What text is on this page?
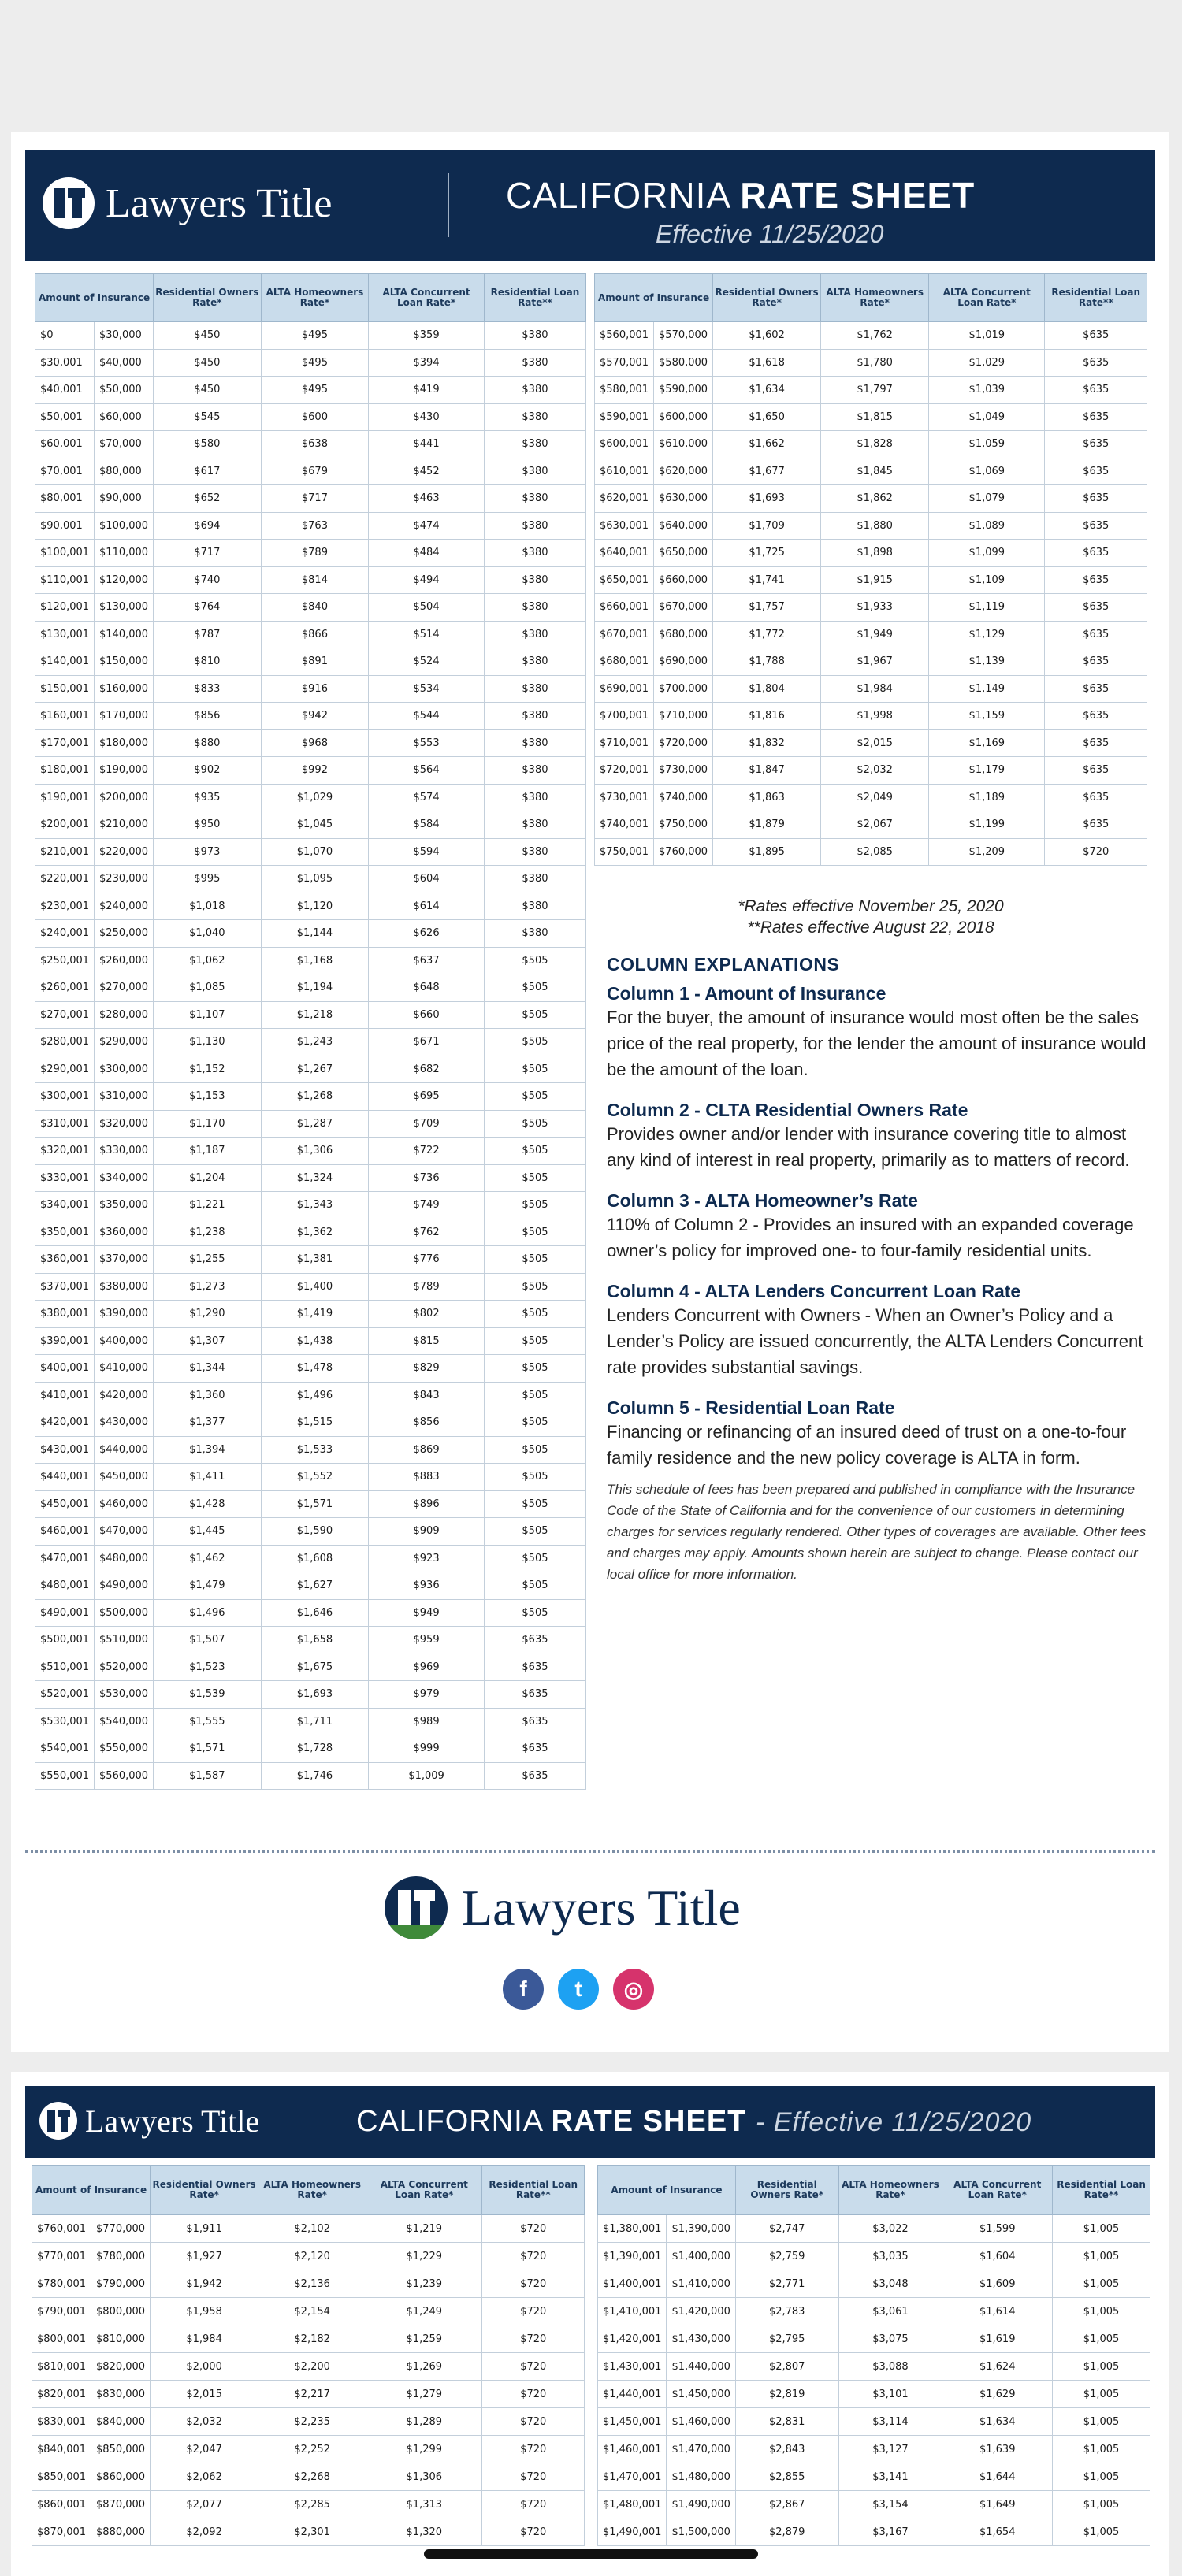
Lawyers Title	CALIFORNIA RATE SHEET
Effective 11/25/2020
Amount of Insurance		Residential Owners Rate*	ALTA Homeowners Rate*	ALTA Concurrent Loan Rate*	Residential Loan Rate**
$0	$30,000	$450	$495	$359	$380
$30,001	$40,000	$450	$495	$394	$380
$40,001	$50,000	$450	$495	$419	$380
$50,001	$60,000	$545	$600	$430	$380
$60,001	$70,000	$580	$638	$441	$380
$70,001	$80,000	$617	$679	$452	$380
$80,001	$90,000	$652	$717	$463	$380
$90,001	$100,000	$694	$763	$474	$380
$100,001	$110,000	$717	$789	$484	$380
$110,001	$120,000	$740	$814	$494	$380
$120,001	$130,000	$764	$840	$504	$380
$130,001	$140,000	$787	$866	$514	$380
$140,001	$150,000	$810	$891	$524	$380
$150,001	$160,000	$833	$916	$534	$380
$160,001	$170,000	$856	$942	$544	$380
$170,001	$180,000	$880	$968	$553	$380
$180,001	$190,000	$902	$992	$564	$380
$190,001	$200,000	$935	$1,029	$574	$380
$200,001	$210,000	$950	$1,045	$584	$380
$210,001	$220,000	$973	$1,070	$594	$380
$220,001	$230,000	$995	$1,095	$604	$380
$230,001	$240,000	$1,018	$1,120	$614	$380
$240,001	$250,000	$1,040	$1,144	$626	$380
$250,001	$260,000	$1,062	$1,168	$637	$505
$260,001	$270,000	$1,085	$1,194	$648	$505
$270,001	$280,000	$1,107	$1,218	$660	$505
$280,001	$290,000	$1,130	$1,243	$671	$505
$290,001	$300,000	$1,152	$1,267	$682	$505
$300,001	$310,000	$1,153	$1,268	$695	$505
$310,001	$320,000	$1,170	$1,287	$709	$505
$320,001	$330,000	$1,187	$1,306	$722	$505
$330,001	$340,000	$1,204	$1,324	$736	$505
$340,001	$350,000	$1,221	$1,343	$749	$505
$350,001	$360,000	$1,238	$1,362	$762	$505
$360,001	$370,000	$1,255	$1,381	$776	$505
$370,001	$380,000	$1,273	$1,400	$789	$505
$380,001	$390,000	$1,290	$1,419	$802	$505
$390,001	$400,000	$1,307	$1,438	$815	$505
$400,001	$410,000	$1,344	$1,478	$829	$505
$410,001	$420,000	$1,360	$1,496	$843	$505
$420,001	$430,000	$1,377	$1,515	$856	$505
$430,001	$440,000	$1,394	$1,533	$869	$505
$440,001	$450,000	$1,411	$1,552	$883	$505
$450,001	$460,000	$1,428	$1,571	$896	$505
$460,001	$470,000	$1,445	$1,590	$909	$505
$470,001	$480,000	$1,462	$1,608	$923	$505
$480,001	$490,000	$1,479	$1,627	$936	$505
$490,001	$500,000	$1,496	$1,646	$949	$505
$500,001	$510,000	$1,507	$1,658	$959	$635
$510,001	$520,000	$1,523	$1,675	$969	$635
$520,001	$530,000	$1,539	$1,693	$979	$635
$530,001	$540,000	$1,555	$1,711	$989	$635
$540,001	$550,000	$1,571	$1,728	$999	$635
$550,001	$560,000	$1,587	$1,746	$1,009	$635
Amount of Insurance		Residential Owners Rate*	ALTA Homeowners Rate*	ALTA Concurrent Loan Rate*	Residential Loan Rate**
$560,001	$570,000	$1,602	$1,762	$1,019	$635
$570,001	$580,000	$1,618	$1,780	$1,029	$635
$580,001	$590,000	$1,634	$1,797	$1,039	$635
$590,001	$600,000	$1,650	$1,815	$1,049	$635
$600,001	$610,000	$1,662	$1,828	$1,059	$635
$610,001	$620,000	$1,677	$1,845	$1,069	$635
$620,001	$630,000	$1,693	$1,862	$1,079	$635
$630,001	$640,000	$1,709	$1,880	$1,089	$635
$640,001	$650,000	$1,725	$1,898	$1,099	$635
$650,001	$660,000	$1,741	$1,915	$1,109	$635
$660,001	$670,000	$1,757	$1,933	$1,119	$635
$670,001	$680,000	$1,772	$1,949	$1,129	$635
$680,001	$690,000	$1,788	$1,967	$1,139	$635
$690,001	$700,000	$1,804	$1,984	$1,149	$635
$700,001	$710,000	$1,816	$1,998	$1,159	$635
$710,001	$720,000	$1,832	$2,015	$1,169	$635
$720,001	$730,000	$1,847	$2,032	$1,179	$635
$730,001	$740,000	$1,863	$2,049	$1,189	$635
$740,001	$750,000	$1,879	$2,067	$1,199	$635
$750,001	$760,000	$1,895	$2,085	$1,209	$720
*Rates effective November 25, 2020
**Rates effective August 22, 2018
COLUMN EXPLANATIONS
Column 1 - Amount of Insurance

For the buyer, the amount of insurance would most often be the sales price of the real property, for the lender the amount of insurance would be the amount of the loan.

Column 2 - CLTA Residential Owners Rate

Provides owner and/or lender with insurance covering title to almost any kind of interest in real property, primarily as to matters of record.

Column 3 - ALTA Homeowner’s Rate

110% of Column 2 - Provides an insured with an expanded coverage owner’s policy for improved one- to four-family residential units.

Column 4 - ALTA Lenders Concurrent Loan Rate

Lenders Concurrent with Owners - When an Owner’s Policy and a Lender’s Policy are issued concurrently, the ALTA Lenders Concurrent rate provides substantial savings.

Column 5 - Residential Loan Rate

Financing or refinancing of an insured deed of trust on a one-to-four family residence and the new policy coverage is ALTA in form.

This schedule of fees has been prepared and published in compliance with the Insurance Code of the State of California and for the convenience of our customers in determining charges for services regularly rendered. Other types of coverages are available. Other fees and charges may apply. Amounts shown herein are subject to change. Please contact our local office for more information.

Lawyers Title
f	t	◎
Lawyers Title	CALIFORNIA RATE SHEET - Effective 11/25/2020
Amount of Insurance		Residential Owners Rate*	ALTA Homeowners Rate*	ALTA Concurrent Loan Rate*	Residential Loan Rate**
$760,001	$770,000	$1,911	$2,102	$1,219	$720
$770,001	$780,000	$1,927	$2,120	$1,229	$720
$780,001	$790,000	$1,942	$2,136	$1,239	$720
$790,001	$800,000	$1,958	$2,154	$1,249	$720
$800,001	$810,000	$1,984	$2,182	$1,259	$720
$810,001	$820,000	$2,000	$2,200	$1,269	$720
$820,001	$830,000	$2,015	$2,217	$1,279	$720
$830,001	$840,000	$2,032	$2,235	$1,289	$720
$840,001	$850,000	$2,047	$2,252	$1,299	$720
$850,001	$860,000	$2,062	$2,268	$1,306	$720
$860,001	$870,000	$2,077	$2,285	$1,313	$720
$870,001	$880,000	$2,092	$2,301	$1,320	$720
Amount of Insurance		Residential Owners Rate*	ALTA Homeowners Rate*	ALTA Concurrent Loan Rate*	Residential Loan Rate**
$1,380,001	$1,390,000	$2,747	$3,022	$1,599	$1,005
$1,390,001	$1,400,000	$2,759	$3,035	$1,604	$1,005
$1,400,001	$1,410,000	$2,771	$3,048	$1,609	$1,005
$1,410,001	$1,420,000	$2,783	$3,061	$1,614	$1,005
$1,420,001	$1,430,000	$2,795	$3,075	$1,619	$1,005
$1,430,001	$1,440,000	$2,807	$3,088	$1,624	$1,005
$1,440,001	$1,450,000	$2,819	$3,101	$1,629	$1,005
$1,450,001	$1,460,000	$2,831	$3,114	$1,634	$1,005
$1,460,001	$1,470,000	$2,843	$3,127	$1,639	$1,005
$1,470,001	$1,480,000	$2,855	$3,141	$1,644	$1,005
$1,480,001	$1,490,000	$2,867	$3,154	$1,649	$1,005
$1,490,001	$1,500,000	$2,879	$3,167	$1,654	$1,005
